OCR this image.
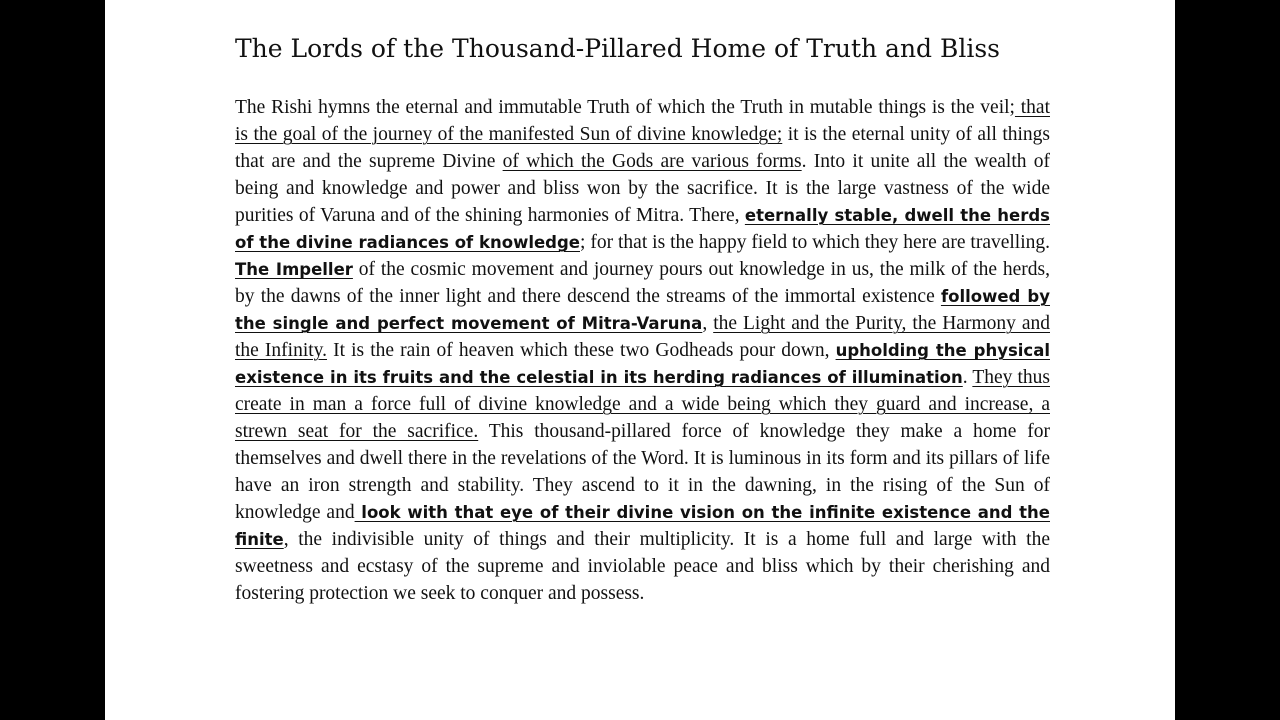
The Lords of the Thousand-Pillared Home of Truth and Bliss

The Rishi hymns the eternal and immutable Truth of which the Truth in mutable things is the veil; that is the goal of the journey of the manifested Sun of divine knowledge; it is the eternal unity of all things that are and the supreme Divine of which the Gods are various forms. Into it unite all the wealth of being and knowledge and power and bliss won by the sacrifice. It is the large vastness of the wide purities of Varuna and of the shining harmonies of Mitra. There, eternally stable, dwell the herds of the divine radiances of knowledge; for that is the happy field to which they here are travelling. The Impeller of the cosmic movement and journey pours out knowledge in us, the milk of the herds, by the dawns of the inner light and there descend the streams of the immortal existence followed by the single and perfect movement of Mitra-Varuna, the Light and the Purity, the Harmony and the Infinity. It is the rain of heaven which these two Godheads pour down, upholding the physical existence in its fruits and the celestial in its herding radiances of illumination. They thus create in man a force full of divine knowledge and a wide being which they guard and increase, a strewn seat for the sacrifice. This thousand-pillared force of knowledge they make a home for themselves and dwell there in the revelations of the Word. It is luminous in its form and its pillars of life have an iron strength and stability. They ascend to it in the dawning, in the rising of the Sun of knowledge and look with that eye of their divine vision on the infinite existence and the finite, the indivisible unity of things and their multiplicity. It is a home full and large with the sweetness and ecstasy of the supreme and inviolable peace and bliss which by their cherishing and fostering protection we seek to conquer and possess.
